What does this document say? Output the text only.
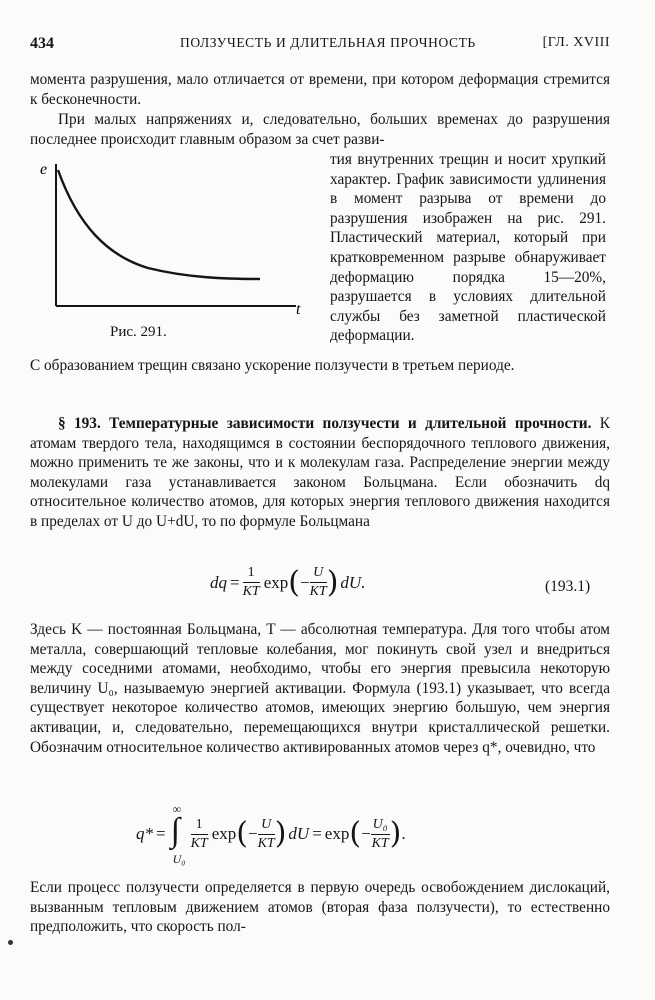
434	ПОЛЗУЧЕСТЬ И ДЛИТЕЛЬНАЯ ПРОЧНОСТЬ	[ГЛ. XVIII
момента разрушения, мало отличается от времени, при котором деформация стремится к бесконечности.
При малых напряжениях и, следовательно, больших временах до разрушения последнее происходит главным образом за счет разви-
тия внутренних трещин и носит хрупкий характер. График зависимости удлинения в момент разрыва от времени до разрушения изображен на рис. 291. Пластический материал, который при кратковременном разрыве обнаруживает деформацию порядка 15—20%, разрушается в условиях длительной службы без заметной пластической деформации.
e
t
Рис. 291.
С образованием трещин связано ускорение ползучести в третьем периоде.
§ 193. Температурные зависимости ползучести и длительной прочности. К атомам твердого тела, находящимся в состоянии беспорядочного теплового движения, можно применить те же законы, что и к молекулам газа. Распределение энергии между молекулами газа устанавливается законом Больцмана. Если обозначить dq относительное количество атомов, для которых энергия теплового движения находится в пределах от U до U+dU, то по формуле Больцмана
dq = $\frac{1}{KT}$ exp ( − $\frac{U}{KT}$ ) dU.	(193.1)
Здесь K — постоянная Больцмана, T — абсолютная температура. Для того чтобы атом металла, совершающий тепловые колебания, мог покинуть свой узел и внедриться между соседними атомами, необходимо, чтобы его энергия превысила некоторую величину U₀, называемую энергией активации. Формула (193.1) указывает, что всегда существует некоторое количество атомов, имеющих энергию большую, чем энергия активации, и, следовательно, перемещающихся внутри кристаллической решетки. Обозначим относительное количество активированных атомов через q*, очевидно, что
q* =
∞
∫
U₀
$\frac{1}{KT}$ exp ( − $\frac{U}{KT}$ ) dU = exp ( − $\frac{\text{U₀}}{KT}$ ) .
Если процесс ползучести определяется в первую очередь освобождением дислокаций, вызванным тепловым движением атомов (вторая фаза ползучести), то естественно предположить, что скорость пол-
